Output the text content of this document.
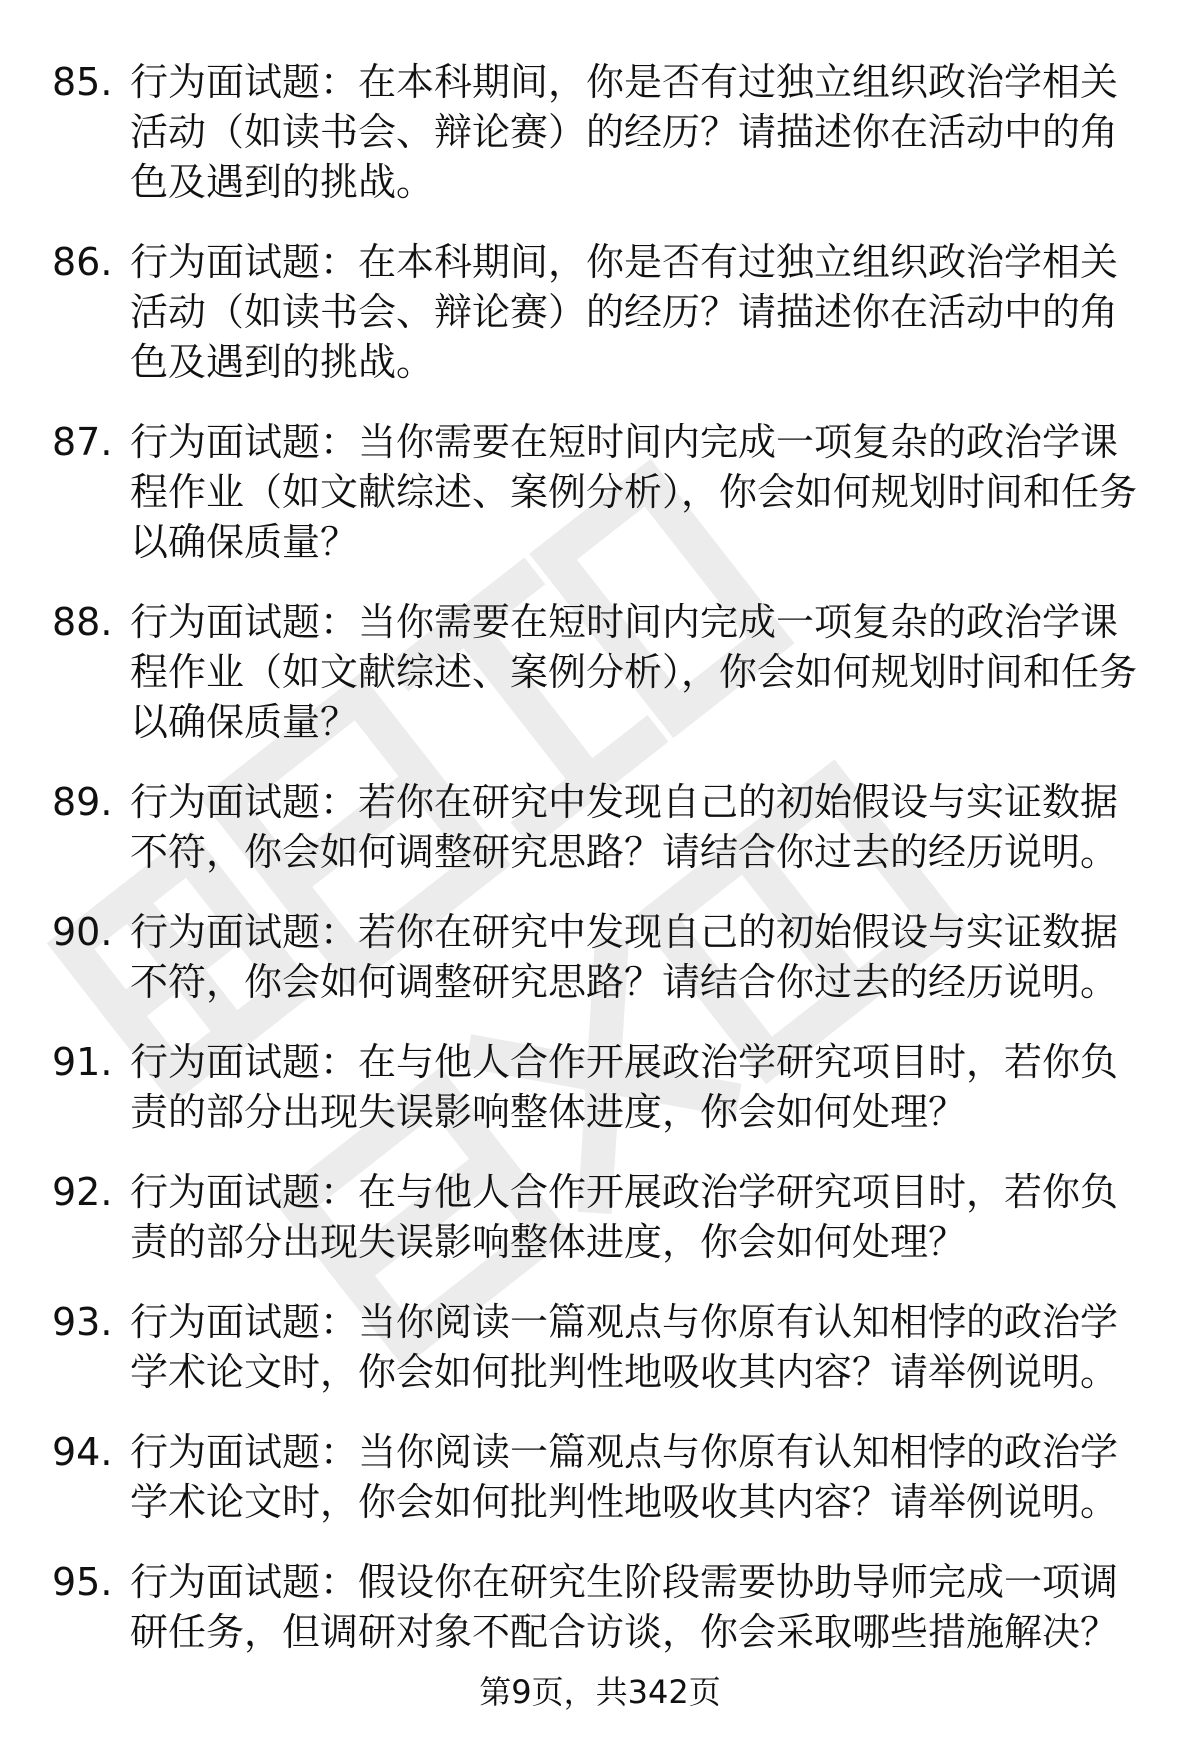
85. 行为面试题：在本科期间，你是否有过独立组织政治学相关活动（如读书会、辩论赛）的经历？请描述你在活动中的角色及遇到的挑战。
86. 行为面试题：在本科期间，你是否有过独立组织政治学相关活动（如读书会、辩论赛）的经历？请描述你在活动中的角色及遇到的挑战。
87. 行为面试题：当你需要在短时间内完成一项复杂的政治学课程作业（如文献综述、案例分析），你会如何规划时间和任务以确保质量？
88. 行为面试题：当你需要在短时间内完成一项复杂的政治学课程作业（如文献综述、案例分析），你会如何规划时间和任务以确保质量？
89. 行为面试题：若你在研究中发现自己的初始假设与实证数据不符，你会如何调整研究思路？请结合你过去的经历说明。
90. 行为面试题：若你在研究中发现自己的初始假设与实证数据不符，你会如何调整研究思路？请结合你过去的经历说明。
91. 行为面试题：在与他人合作开展政治学研究项目时，若你负责的部分出现失误影响整体进度，你会如何处理？
92. 行为面试题：在与他人合作开展政治学研究项目时，若你负责的部分出现失误影响整体进度，你会如何处理？
93. 行为面试题：当你阅读一篇观点与你原有认知相悖的政治学学术论文时，你会如何批判性地吸收其内容？请举例说明。
94. 行为面试题：当你阅读一篇观点与你原有认知相悖的政治学学术论文时，你会如何批判性地吸收其内容？请举例说明。
95. 行为面试题：假设你在研究生阶段需要协助导师完成一项调研任务，但调研对象不配合访谈，你会采取哪些措施解决？
第9页，共342页
